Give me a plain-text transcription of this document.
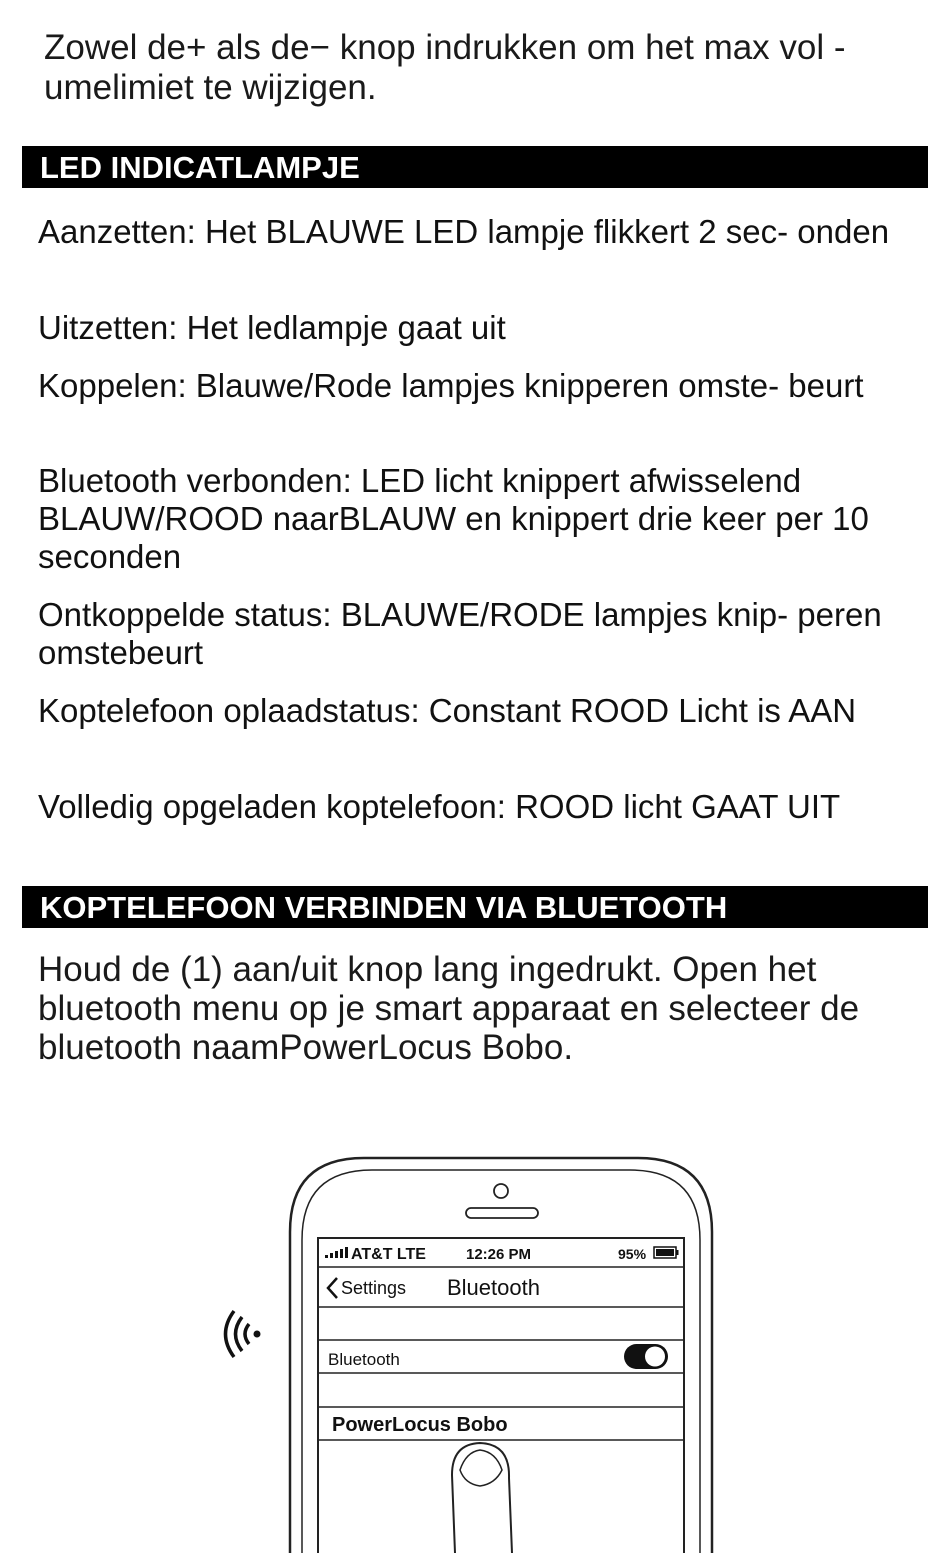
Zowel de+ als de− knop indrukken om het max vol - umelimiet te wijzigen.
LED INDICATLAMPJE
Aanzetten: Het BLAUWE LED lampje flikkert 2 sec- onden
Uitzetten: Het ledlampje gaat uit
Koppelen: Blauwe/Rode lampjes knipperen omste- beurt
Bluetooth verbonden: LED licht knippert afwisselend BLAUW/ROOD naarBLAUW en knippert drie keer per 10 seconden
Ontkoppelde status: BLAUWE/RODE lampjes knip- peren omstebeurt
Koptelefoon oplaadstatus: Constant ROOD Licht is AAN
Volledig opgeladen koptelefoon: ROOD licht GAAT UIT
KOPTELEFOON VERBINDEN VIA BLUETOOTH
Houd de (1) aan/uit knop lang ingedrukt. Open het bluetooth menu op je smart apparaat en selecteer de bluetooth naamPowerLocus Bobo.
AT&T LTE	12:26 PM	95%
Settings Bluetooth
Bluetooth
PowerLocus Bobo
